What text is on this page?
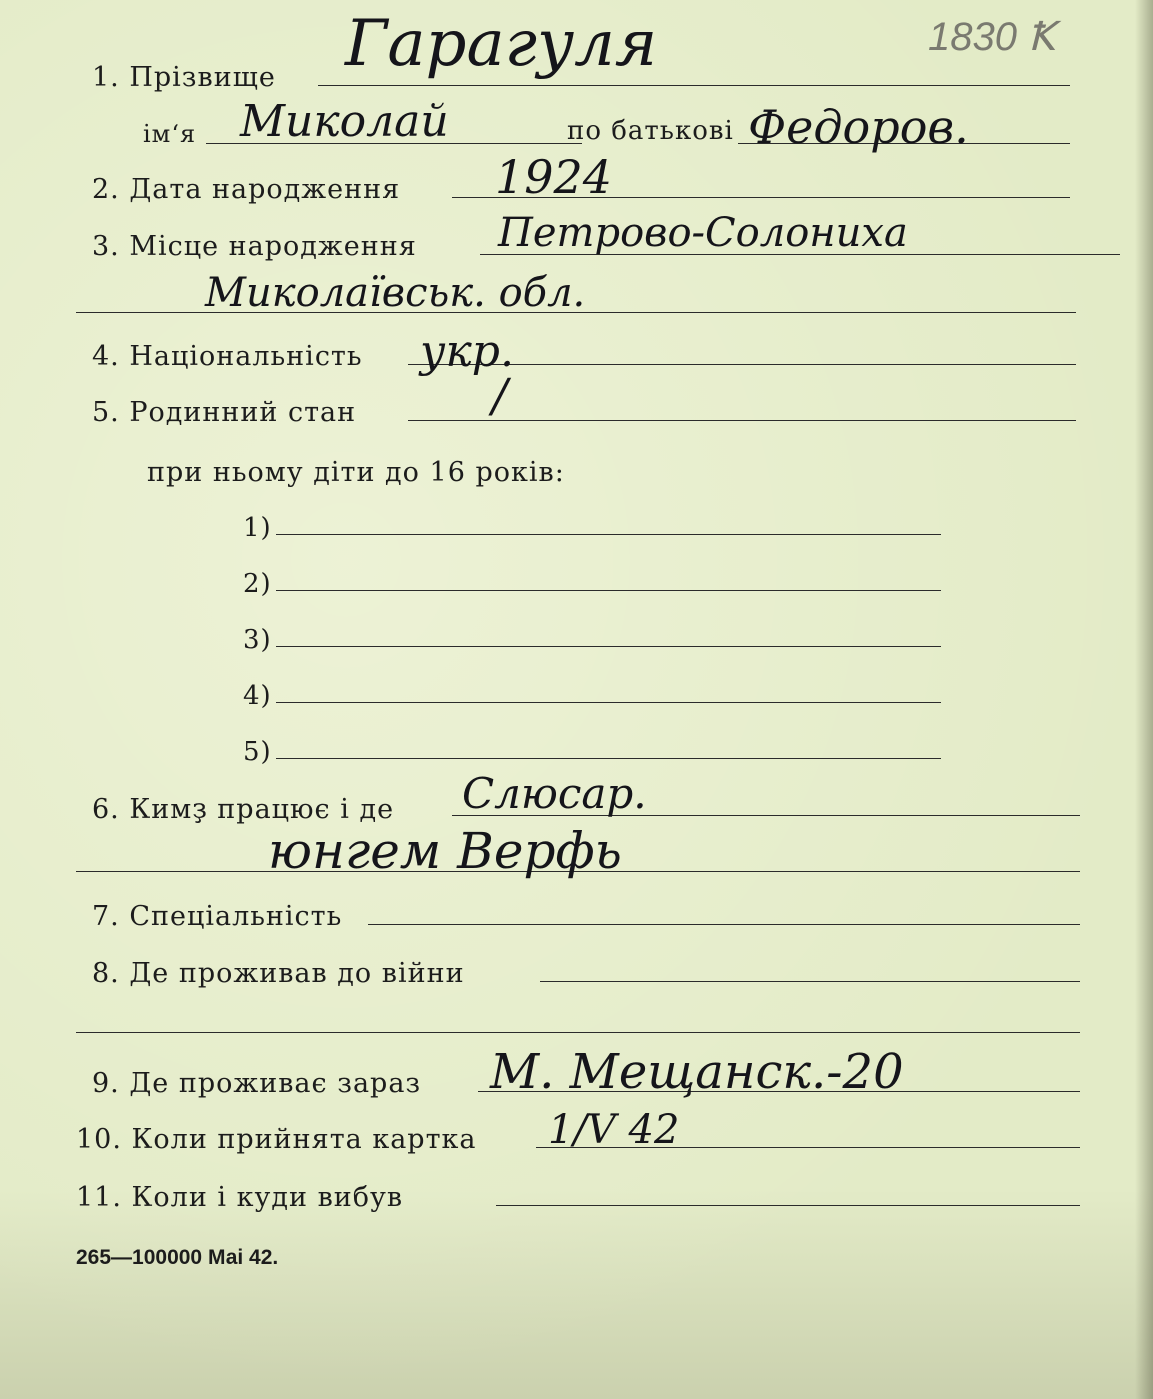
1830 Ꝁ
1. Прізвище Гарагуля
ім‘я Миколай	по батькові Федоров.
2. Дата народження 1924
3. Місце народження Петрово-Солониха
Миколаївськ. обл.
4. Національність укр.
5. Родинний стан	/
при ньому діти до 16 років:
1)
2)
3)
4)
5)
6. Кимҙ працює і де Слюсар.
юнгем Верфь
7. Спеціальність
8. Де проживав до війни
9. Де проживає зараз М. Мещанск.-20
10. Коли прийнята картка 1/V 42
11. Коли і куди вибув
265—100000 Маі 42.
